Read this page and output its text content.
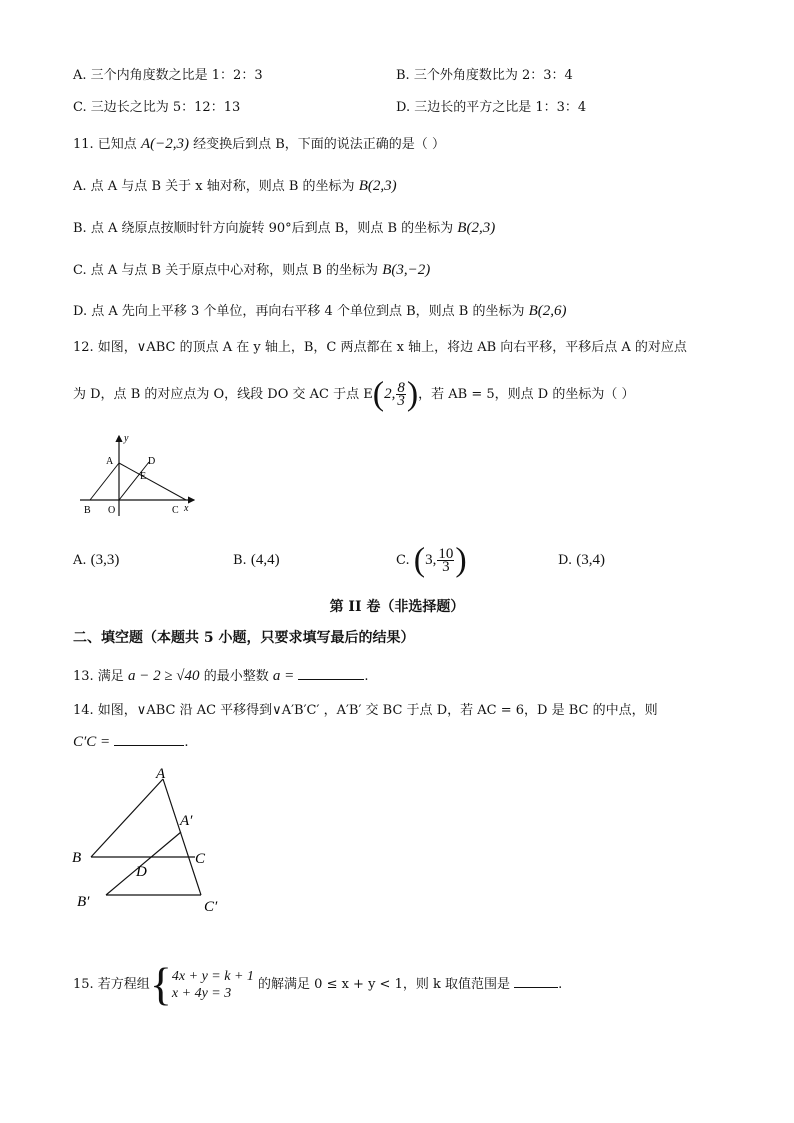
A. 三个内角度数之比是 1：2：3	B. 三个外角度数比为 2：3：4
C. 三边长之比为 5：12：13	D. 三边长的平方之比是 1：3：4
11. 已知点 A(−2,3) 经变换后到点 B，下面的说法正确的是（ ）
A. 点 A 与点 B 关于 x 轴对称，则点 B 的坐标为 B(2,3)
B. 点 A 绕原点按顺时针方向旋转 90°后到点 B，则点 B 的坐标为 B(2,3)
C. 点 A 与点 B 关于原点中心对称，则点 B 的坐标为 B(3,−2)
D. 点 A 先向上平移 3 个单位，再向右平移 4 个单位到点 B，则点 B 的坐标为 B(2,6)
12. 如图，∨ABC 的顶点 A 在 y 轴上，B，C 两点都在 x 轴上，将边 AB 向右平移，平移后点 A 的对应点
为 D，点 B 的对应点为 O，线段 DO 交 AC 于点 E(2, $\frac{8}{3}$ )，若 AB = 5，则点 D 的坐标为（ ）
y
A	D
E
B O	C x
A. (3,3)	B. (4,4)	C. (3, $\frac{10}{3}$ )	D. (3,4)
第 II 卷（非选择题）
二、填空题（本题共 5 小题，只要求填写最后的结果）
13. 满足 a − 2 ≥ √40 的最小整数 a =	.
14. 如图，∨ABC 沿 AC 平移得到∨A′B′C′ ，A′B′ 交 BC 于点 D，若 AC = 6，D 是 BC 的中点，则
C′C =	.
A
A′
B	C
D
B′	C′
15. 若方程组{ 4x + y = k + 1
x + 4y = 3
的解满足 0 ≤ x + y < 1，则 k 取值范围是	.
